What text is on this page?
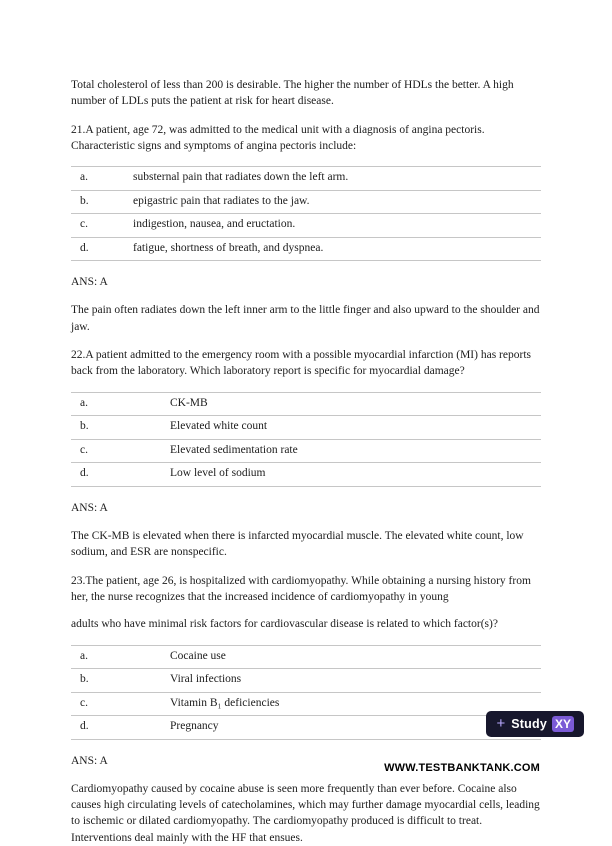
Total cholesterol of less than 200 is desirable. The higher the number of HDLs the better. A high number of LDLs puts the patient at risk for heart disease.

21.A patient, age 72, was admitted to the medical unit with a diagnosis of angina pectoris. Characteristic signs and symptoms of angina pectoris include:

a.	substernal pain that radiates down the left arm.
b.	epigastric pain that radiates to the jaw.
c.	indigestion, nausea, and eructation.
d.	fatigue, shortness of breath, and dyspnea.

ANS: A

The pain often radiates down the left inner arm to the little finger and also upward to the shoulder and jaw.

22.A patient admitted to the emergency room with a possible myocardial infarction (MI) has reports back from the laboratory. Which laboratory report is specific for myocardial damage?

a.	CK-MB
b.	Elevated white count
c.	Elevated sedimentation rate
d.	Low level of sodium

ANS: A

The CK-MB is elevated when there is infarcted myocardial muscle. The elevated white count, low sodium, and ESR are nonspecific.

23.The patient, age 26, is hospitalized with cardiomyopathy. While obtaining a nursing history from her, the nurse recognizes that the increased incidence of cardiomyopathy in young

adults who have minimal risk factors for cardiovascular disease is related to which factor(s)?

a.	Cocaine use
b.	Viral infections
c.	Vitamin B₁ deficiencies
d.	Pregnancy

ANS: A

Cardiomyopathy caused by cocaine abuse is seen more frequently than ever before. Cocaine also causes high circulating levels of catecholamines, which may further damage myocardial cells, leading to ischemic or dilated cardiomyopathy. The cardiomyopathy produced is difficult to treat. Interventions deal mainly with the HF that ensues.

+ Study XY
WWW.TESTBANKTANK.COM
